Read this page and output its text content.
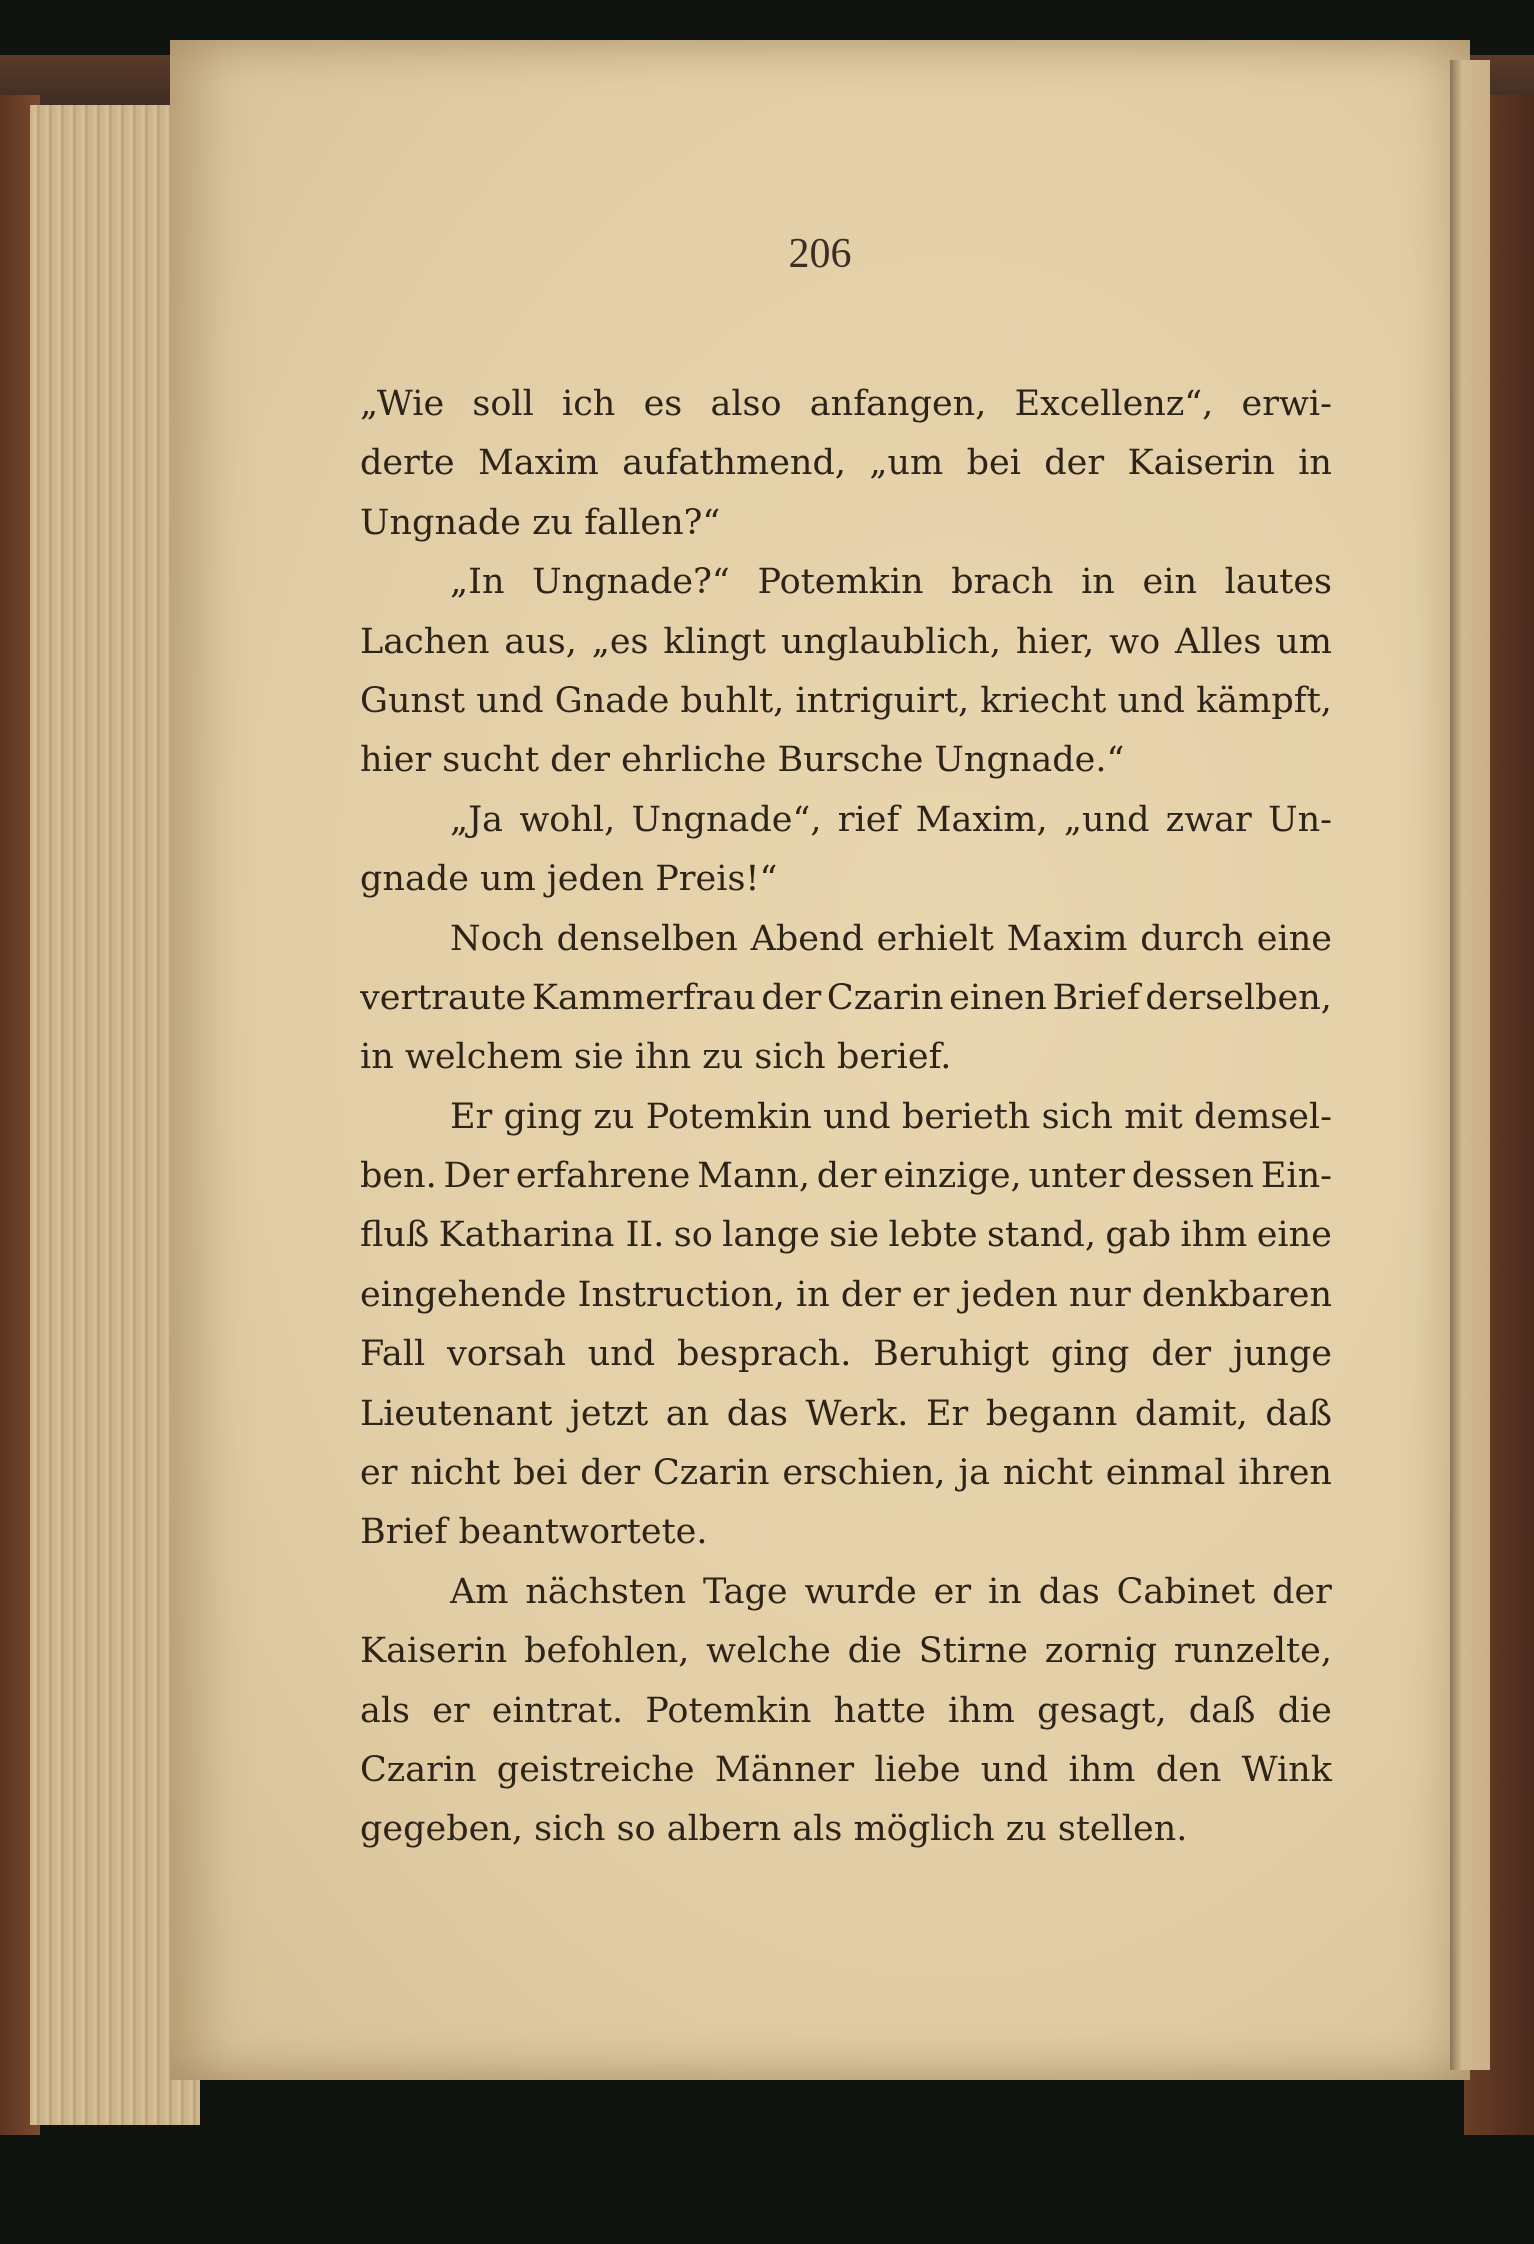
206
„Wie soll ich es also anfangen, Excellenz“, erwi-
derte Maxim aufathmend, „um bei der Kaiserin in
Ungnade zu fallen?“
„In Ungnade?“ Potemkin brach in ein lautes
Lachen aus, „es klingt unglaublich, hier, wo Alles um
Gunst und Gnade buhlt, intriguirt, kriecht und kämpft,
hier sucht der ehrliche Bursche Ungnade.“
„Ja wohl, Ungnade“, rief Maxim, „und zwar Un-
gnade um jeden Preis!“
Noch denselben Abend erhielt Maxim durch eine
vertraute Kammerfrau der Czarin einen Brief derselben,
in welchem sie ihn zu sich berief.
Er ging zu Potemkin und berieth sich mit demsel-
ben. Der erfahrene Mann, der einzige, unter dessen Ein-
fluß Katharina II. so lange sie lebte stand, gab ihm eine
eingehende Instruction, in der er jeden nur denkbaren
Fall vorsah und besprach. Beruhigt ging der junge
Lieutenant jetzt an das Werk. Er begann damit, daß
er nicht bei der Czarin erschien, ja nicht einmal ihren
Brief beantwortete.
Am nächsten Tage wurde er in das Cabinet der
Kaiserin befohlen, welche die Stirne zornig runzelte,
als er eintrat. Potemkin hatte ihm gesagt, daß die
Czarin geistreiche Männer liebe und ihm den Wink
gegeben, sich so albern als möglich zu stellen.
